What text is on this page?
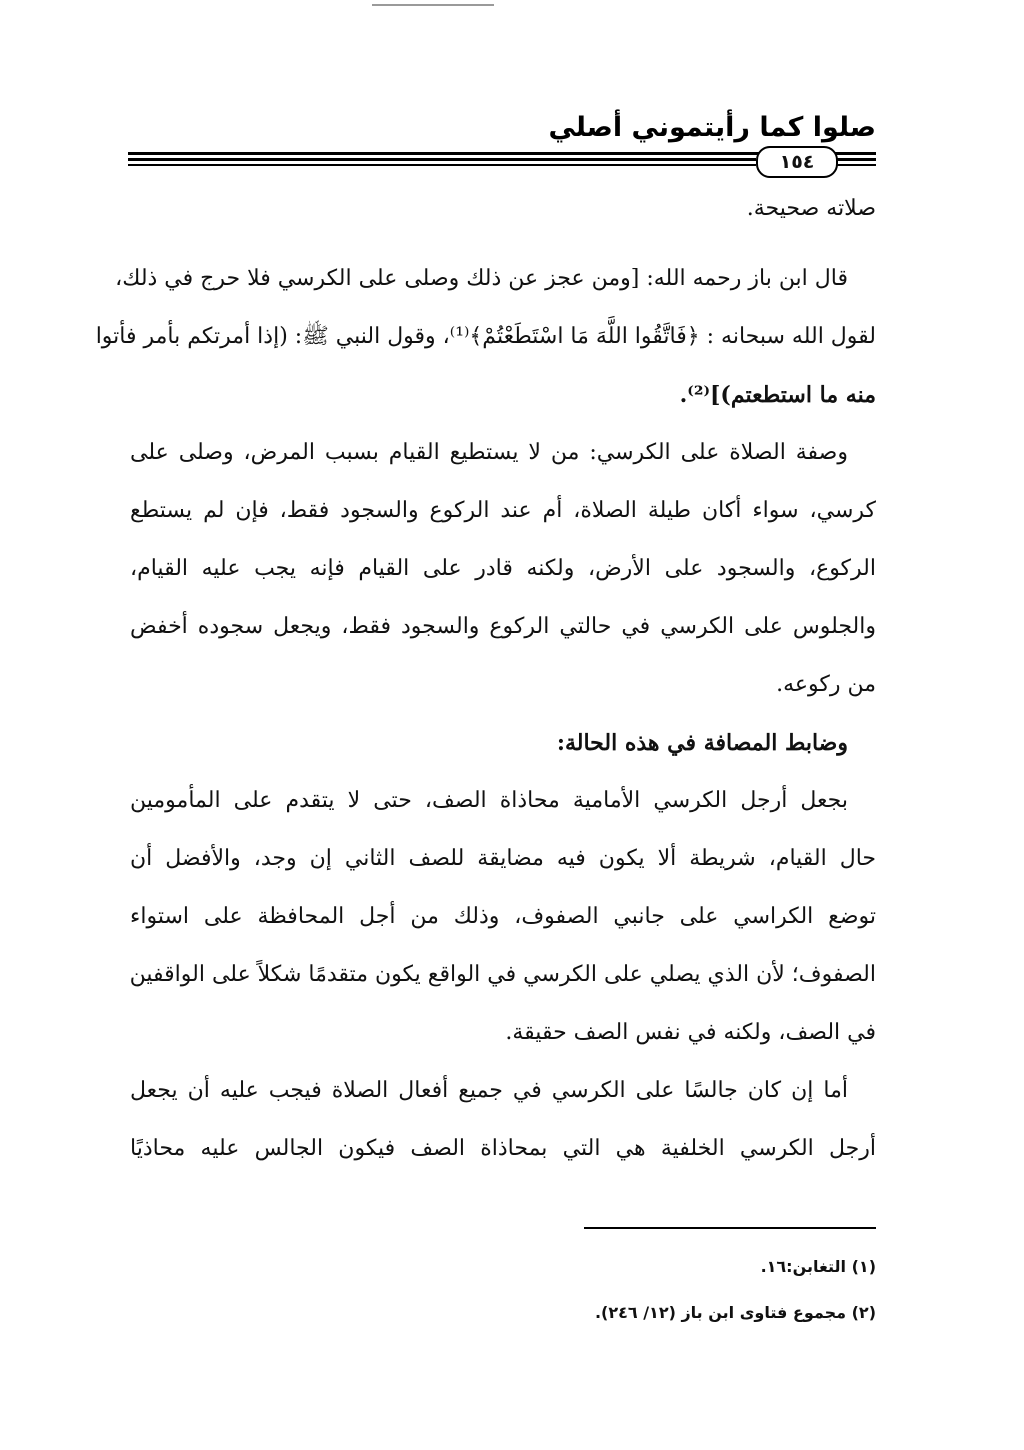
صلوا كما رأيتموني أصلي
١٥٤
صلاته صحيحة.
قال ابن باز رحمه الله: [ومن عجز عن ذلك وصلى على الكرسي فلا حرج في ذلك،
لقول الله سبحانه : ﴿فَاتَّقُوا اللَّهَ مَا اسْتَطَعْتُمْ﴾⁽¹⁾، وقول النبي ﷺ: (إذا أمرتكم بأمر فأتوا
منه ما استطعتم)]⁽²⁾.
وصفة الصلاة على الكرسي: من لا يستطيع القيام بسبب المرض، وصلى على
كرسي، سواء أكان طيلة الصلاة، أم عند الركوع والسجود فقط، فإن لم يستطع
الركوع، والسجود على الأرض، ولكنه قادر على القيام فإنه يجب عليه القيام،
والجلوس على الكرسي في حالتي الركوع والسجود فقط، ويجعل سجوده أخفض
من ركوعه.
وضابط المصافة في هذه الحالة:
بجعل أرجل الكرسي الأمامية محاذاة الصف، حتى لا يتقدم على المأمومين
حال القيام، شريطة ألا يكون فيه مضايقة للصف الثاني إن وجد، والأفضل أن
توضع الكراسي على جانبي الصفوف، وذلك من أجل المحافظة على استواء
الصفوف؛ لأن الذي يصلي على الكرسي في الواقع يكون متقدمًا شكلاً على الواقفين
في الصف، ولكنه في نفس الصف حقيقة.
أما إن كان جالسًا على الكرسي في جميع أفعال الصلاة فيجب عليه أن يجعل
أرجل الكرسي الخلفية هي التي بمحاذاة الصف فيكون الجالس عليه محاذيًا
(١) التغابن:١٦.
(٢) مجموع فتاوى ابن باز (١٢/ ٢٤٦).
